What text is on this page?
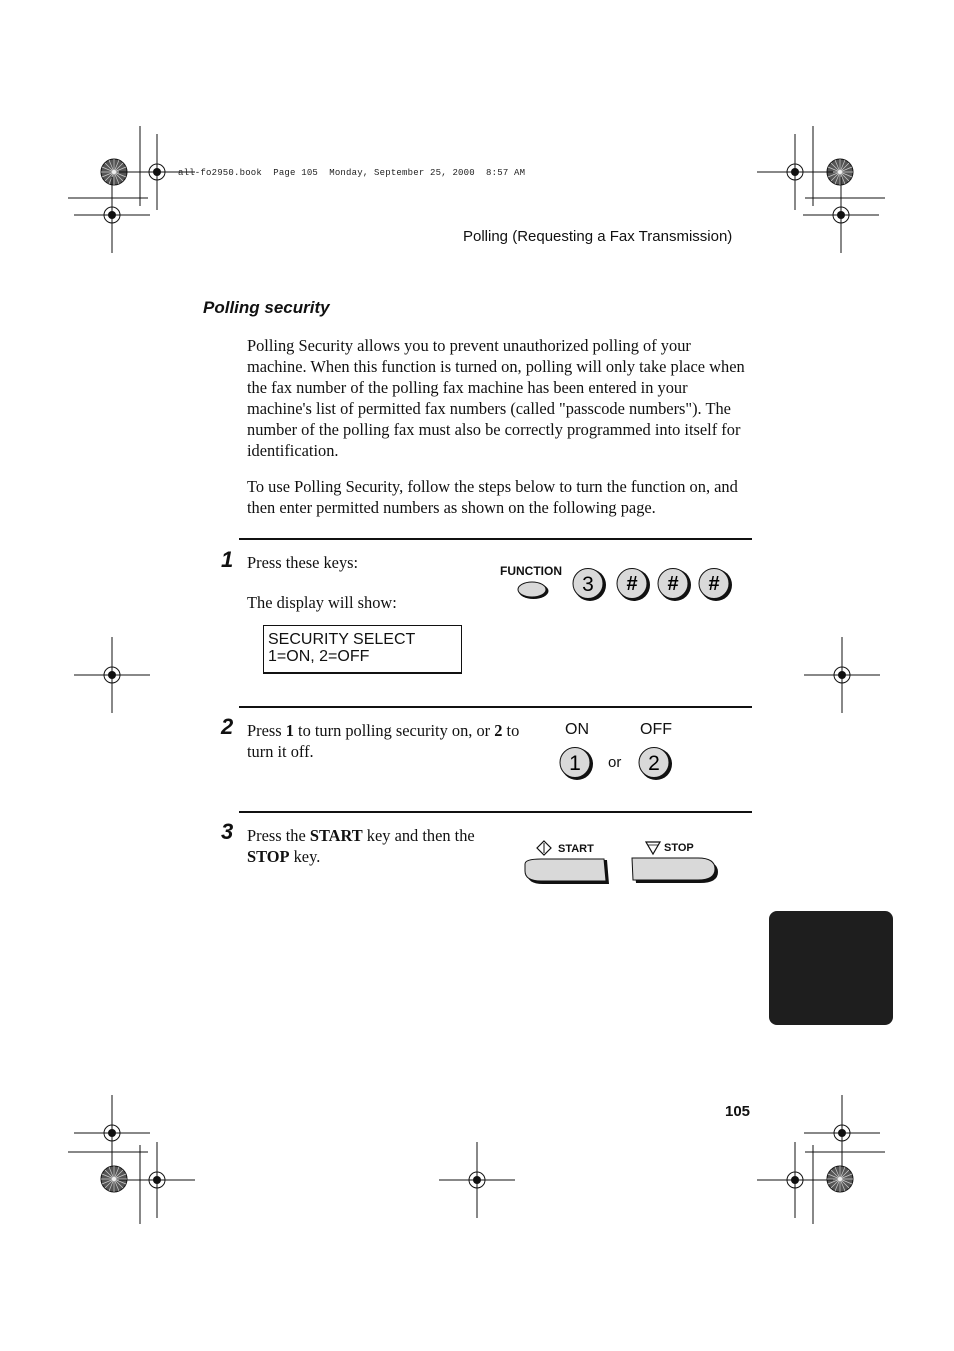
all-fo2950.book  Page 105  Monday, September 25, 2000  8:57 AM
Polling (Requesting a Fax Transmission)
Polling security
Polling Security allows you to prevent unauthorized polling of your machine. When this function is turned on, polling will only take place when the fax number of the polling fax machine has been entered in your machine's list of permitted fax numbers (called "passcode numbers"). The number of the polling fax must also be correctly programmed into itself for identification.
To use Polling Security, follow the steps below to turn the function on, and then enter permitted numbers as shown on the following page.
1 Press these keys:
The display will show:
SECURITY SELECT
1=ON, 2=OFF
FUNCTION
3 # # #
2 Press 1 to turn polling security on, or 2 to turn it off.
ON	OFF
or
1	2
3 Press the START key and then the STOP key.	START	STOP
7 Special Functions
105
